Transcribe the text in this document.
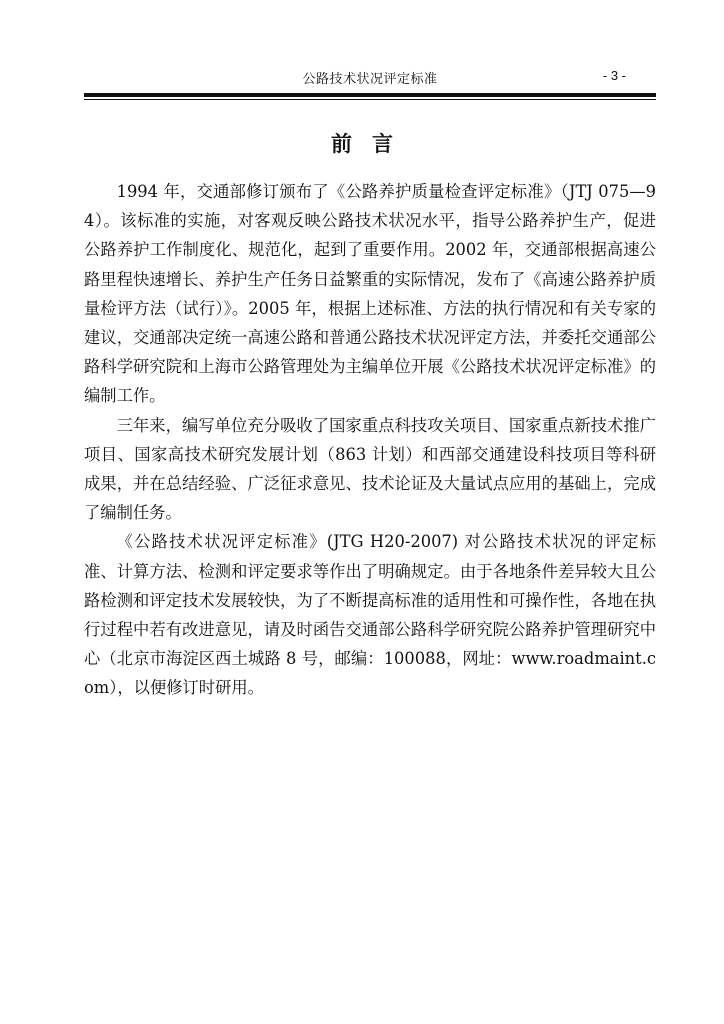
公路技术状况评定标准	- 3 -
前言

1994 年，交通部修订颁布了《公路养护质量检查评定标准》（JTJ 075—94）。该标准的实施，对客观反映公路技术状况水平，指导公路养护生产，促进公路养护工作制度化、规范化，起到了重要作用。2002 年，交通部根据高速公路里程快速增长、养护生产任务日益繁重的实际情况，发布了《高速公路养护质量检评方法（试行）》。2005 年，根据上述标准、方法的执行情况和有关专家的建议，交通部决定统一高速公路和普通公路技术状况评定方法，并委托交通部公路科学研究院和上海市公路管理处为主编单位开展《公路技术状况评定标准》的编制工作。

三年来，编写单位充分吸收了国家重点科技攻关项目、国家重点新技术推广项目、国家高技术研究发展计划（863 计划）和西部交通建设科技项目等科研成果，并在总结经验、广泛征求意见、技术论证及大量试点应用的基础上，完成了编制任务。

《公路技术状况评定标准》(JTG H20-2007) 对公路技术状况的评定标准、计算方法、检测和评定要求等作出了明确规定。由于各地条件差异较大且公路检测和评定技术发展较快，为了不断提高标准的适用性和可操作性，各地在执行过程中若有改进意见，请及时函告交通部公路科学研究院公路养护管理研究中心（北京市海淀区西土城路 8 号，邮编：100088，网址：www.roadmaint.com），以便修订时研用。
